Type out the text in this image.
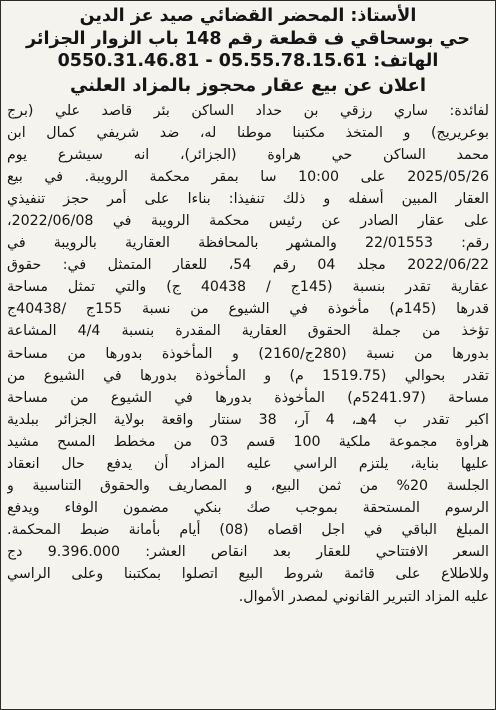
الأستاذ: المحضر القضائي صيد عز الدين
حي بوسحاقي ف قطعة رقم 148 باب الزوار الجزائر
الهاتف: 05.55.78.15.61 - 0550.31.46.81
اعلان عن بيع عقار محجوز بالمزاد العلني
لفائدة: ساري رزقي بن حداد الساكن بئر قاصد علي (برج
بوعريريج) و المتخذ مكتبنا موطنا له، ضد شريفي كمال ابن
محمد الساكن حي هراوة (الجزائر)، انه سيشرع يوم
2025/05/26 على 10:00 سا بمقر محكمة الرويبة. في بيع
العقار المبين أسفله و ذلك تنفيذا: بناءا على أمر حجز تنفيذي
على عقار الصادر عن رئيس محكمة الرويبة في 2022/06/08،
رقم: 22/01553 والمشهر بالمحافظة العقارية بالرويبة في
2022/06/22 مجلد 04 رقم 54، للعقار المتمثل في: حقوق
عقارية تقدر بنسبة (145ج / 40438 ج) والتي تمثل مساحة
قدرها (145م) مأخوذة في الشيوع من نسبة 155ج /40438ج
تؤخذ من جملة الحقوق العقارية المقدرة بنسبة 4/4 المشاعة
بدورها من نسبة (280ج/2160) و المأخوذة بدورها من مساحة
تقدر بحوالي (1519.75 م) و المأخوذة بدورها في الشيوع من
مساحة (5241.97م) المأخوذة بدورها في الشيوع من مساحة
اكبر تقدر ب 4هـ، 4 آر، 38 سنتار واقعة بولاية الجزائر ببلدية
هراوة مجموعة ملكية 100 قسم 03 من مخطط المسح مشيد
عليها بناية، يلتزم الراسي عليه المزاد أن يدفع حال انعقاد
الجلسة 20% من ثمن البيع، و المصاريف والحقوق التناسبية و
الرسوم المستحقة بموجب صك بنكي مضمون الوفاء ويدفع
المبلغ الباقي في اجل اقصاه (08) أيام بأمانة ضبط المحكمة.
السعر الافتتاحي للعقار بعد انقاص العشر: 9.396.000 دج
وللاطلاع على قائمة شروط البيع اتصلوا بمكتبنا وعلى الراسي
عليه المزاد التبرير القانوني لمصدر الأموال.
